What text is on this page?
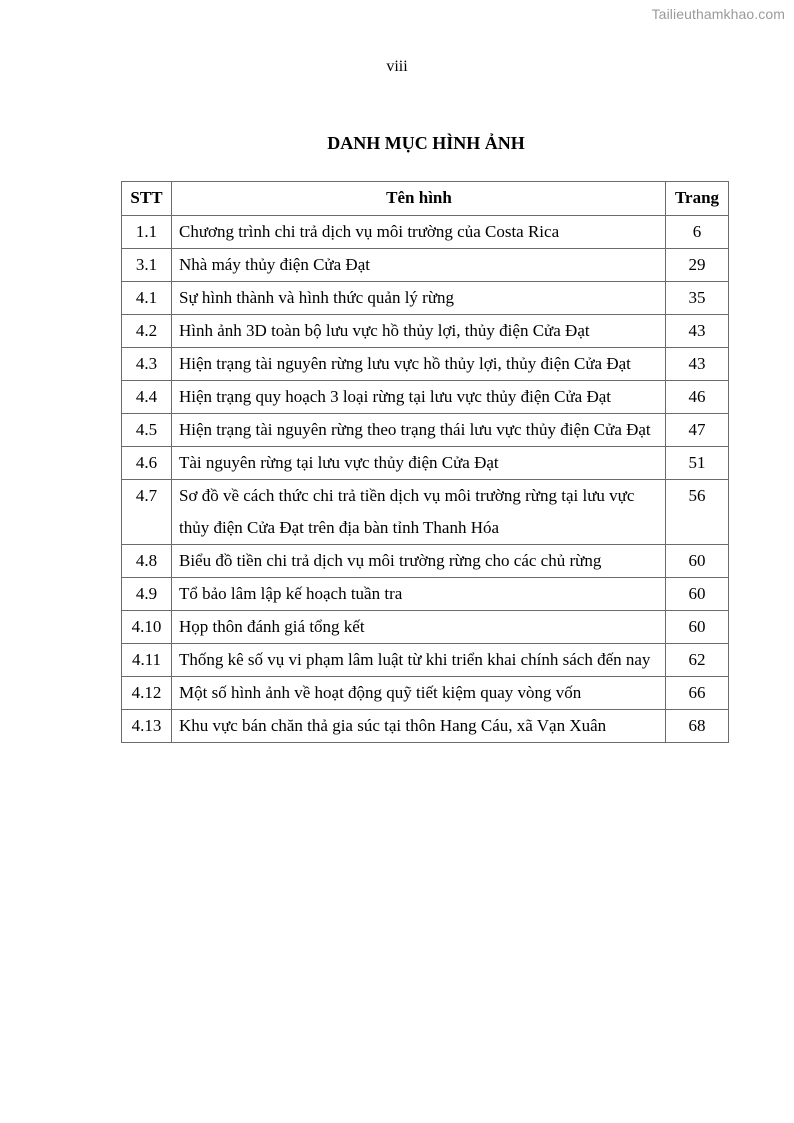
Tailieuthamkhao.com
viii
DANH MỤC HÌNH ẢNH
STT	Tên hình	Trang
1.1	Chương trình chi trả dịch vụ môi trường của Costa Rica	6
3.1	Nhà máy thủy điện Cửa Đạt	29
4.1	Sự hình thành và hình thức quản lý rừng	35
4.2	Hình ảnh 3D toàn bộ lưu vực hồ thủy lợi, thủy điện Cửa Đạt	43
4.3	Hiện trạng tài nguyên rừng lưu vực hồ thủy lợi, thủy điện Cửa Đạt	43
4.4	Hiện trạng quy hoạch 3 loại rừng tại lưu vực thủy điện Cửa Đạt	46
4.5	Hiện trạng tài nguyên rừng theo trạng thái lưu vực thủy điện Cửa Đạt	47
4.6	Tài nguyên rừng tại lưu vực thủy điện Cửa Đạt	51
4.7	Sơ đồ về cách thức chi trả tiền dịch vụ môi trường rừng tại lưu vực thủy điện Cửa Đạt trên địa bàn tỉnh Thanh Hóa	56
4.8	Biểu đồ tiền chi trả dịch vụ môi trường rừng cho các chủ rừng	60
4.9	Tổ bảo lâm lập kế hoạch tuần tra	60
4.10	Họp thôn đánh giá tổng kết	60
4.11	Thống kê số vụ vi phạm lâm luật từ khi triển khai chính sách đến nay	62
4.12	Một số hình ảnh về hoạt động quỹ tiết kiệm quay vòng vốn	66
4.13	Khu vực bán chăn thả gia súc tại thôn Hang Cáu, xã Vạn Xuân	68
